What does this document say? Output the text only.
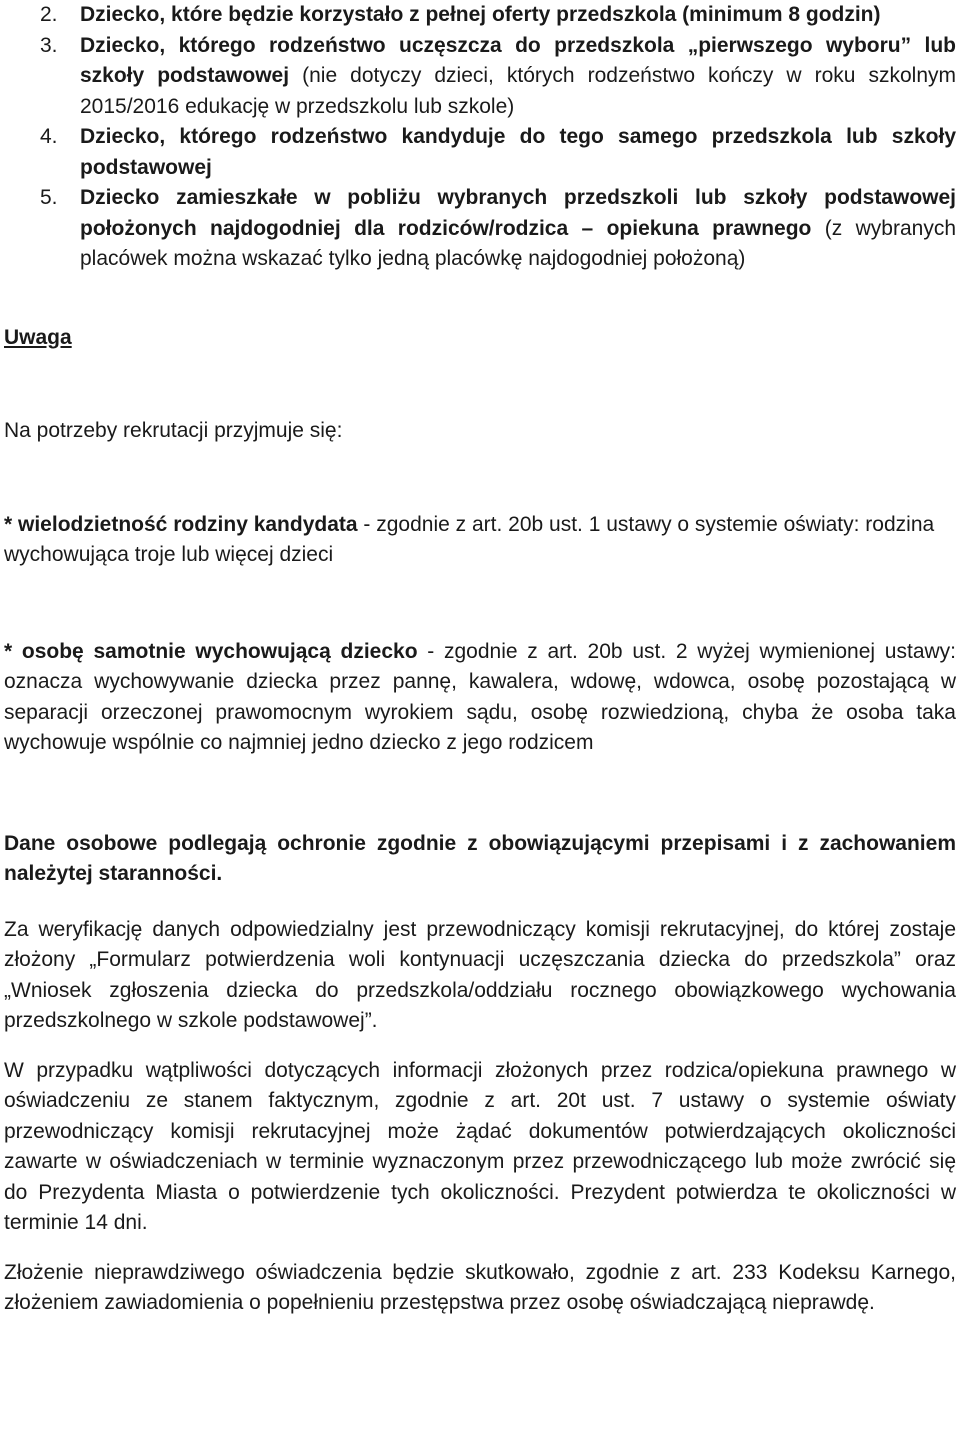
2. Dziecko, które będzie korzystało z pełnej oferty przedszkola (minimum 8 godzin)
3. Dziecko, którego rodzeństwo uczęszcza do przedszkola „pierwszego wyboru” lub szkoły podstawowej (nie dotyczy dzieci, których rodzeństwo kończy w roku szkolnym 2015/2016 edukację w przedszkolu lub szkole)
4. Dziecko, którego rodzeństwo kandyduje do tego samego przedszkola lub szkoły podstawowej
5. Dziecko zamieszkałe w pobliżu wybranych przedszkoli lub szkoły podstawowej położonych najdogodniej dla rodziców/rodzica – opiekuna prawnego (z wybranych placówek można wskazać tylko jedną placówkę najdogodniej położoną)
Uwaga
Na potrzeby rekrutacji przyjmuje się:
* wielodzietność rodziny kandydata - zgodnie z art. 20b ust. 1 ustawy o systemie oświaty: rodzina wychowująca troje lub więcej dzieci
* osobę samotnie wychowującą dziecko - zgodnie z art. 20b ust. 2 wyżej wymienionej ustawy: oznacza wychowywanie dziecka przez pannę, kawalera, wdowę, wdowca, osobę pozostającą w separacji orzeczonej prawomocnym wyrokiem sądu, osobę rozwiedzioną, chyba że osoba taka wychowuje wspólnie co najmniej jedno dziecko z jego rodzicem
Dane osobowe podlegają ochronie zgodnie z obowiązującymi przepisami i z zachowaniem należytej staranności.
Za weryfikację danych odpowiedzialny jest przewodniczący komisji rekrutacyjnej, do której zostaje złożony „Formularz potwierdzenia woli kontynuacji uczęszczania dziecka do przedszkola” oraz „Wniosek zgłoszenia dziecka do przedszkola/oddziału rocznego obowiązkowego wychowania przedszkolnego w szkole podstawowej”.
W przypadku wątpliwości dotyczących informacji złożonych przez rodzica/opiekuna prawnego w oświadczeniu ze stanem faktycznym, zgodnie z art. 20t ust. 7 ustawy o systemie oświaty przewodniczący komisji rekrutacyjnej może żądać dokumentów potwierdzających okoliczności zawarte w oświadczeniach w terminie wyznaczonym przez przewodniczącego lub może zwrócić się do Prezydenta Miasta o potwierdzenie tych okoliczności. Prezydent potwierdza te okoliczności w terminie 14 dni.
Złożenie nieprawdziwego oświadczenia będzie skutkowało, zgodnie z art. 233 Kodeksu Karnego, złożeniem zawiadomienia o popełnieniu przestępstwa przez osobę oświadczającą nieprawdę.
